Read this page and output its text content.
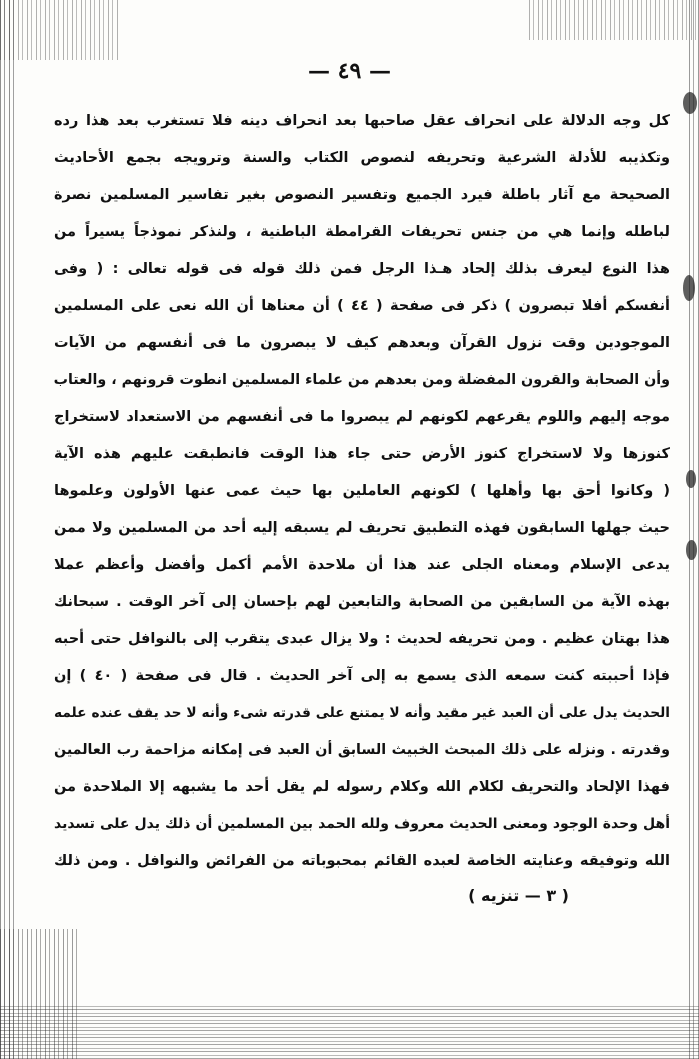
— ٤٩ —
كل وجه الدلالة على انحراف عقل صاحبها بعد انحراف دينه فلا تستغرب بعد هذا رده
وتكذيبه للأدلة الشرعية وتحريفه لنصوص الكتاب والسنة وترويجه بجمع الأحاديث
الصحيحة مع آثار باطلة فيرد الجميع وتفسير النصوص بغير تفاسير المسلمين نصرة
لباطله وإنما هي من جنس تحريفات القرامطة الباطنية ، ولنذكر نموذجاً يسيراً من
هذا النوع ليعرف بذلك إلحاد هـذا الرجل فمن ذلك قوله فى قوله تعالى : ( وفى
أنفسكم أفلا تبصرون ) ذكر فى صفحة ( ٤٤ ) أن معناها أن الله نعى على المسلمين
الموجودين وقت نزول القرآن وبعدهم كيف لا يبصرون ما فى أنفسهم من الآيات
وأن الصحابة والقرون المفضلة ومن بعدهم من علماء المسلمين انطوت قرونهم ، والعتاب
موجه إليهم واللوم يقرعهم لكونهم لم يبصروا ما فى أنفسهم من الاستعداد لاستخراج
كنوزها ولا لاستخراج كنوز الأرض حتى جاء هذا الوقت فانطبقت عليهم هذه الآية
( وكانوا أحق بها وأهلها ) لكونهم العاملين بها حيث عمى عنها الأولون وعلموها
حيث جهلها السابقون فهذه التطبيق تحريف لم يسبقه إليه أحد من المسلمين ولا ممن
يدعى الإسلام ومعناه الجلى عند هذا أن ملاحدة الأمم أكمل وأفضل وأعظم عملا
بهذه الآية من السابقين من الصحابة والتابعين لهم بإحسان إلى آخر الوقت . سبحانك
هذا بهتان عظيم . ومن تحريفه لحديث : ولا يزال عبدى يتقرب إلى بالنوافل حتى أحبه
فإذا أحببته كنت سمعه الذى يسمع به إلى آخر الحديث . قال فى صفحة ( ٤٠ ) إن
الحديث يدل على أن العبد غير مقيد وأنه لا يمتنع على قدرته شىء وأنه لا حد يقف عنده علمه
وقدرته . ونزله على ذلك المبحث الخبيث السابق أن العبد فى إمكانه مزاحمة رب العالمين
فهذا الإلحاد والتحريف لكلام الله وكلام رسوله لم يقل أحد ما يشبهه إلا الملاحدة من
أهل وحدة الوجود ومعنى الحديث معروف ولله الحمد بين المسلمين أن ذلك يدل على تسديد
الله وتوفيقه وعنايته الخاصة لعبده القائم بمحبوباته من الفرائض والنوافل . ومن ذلك
( ٣ — تنزيه )
